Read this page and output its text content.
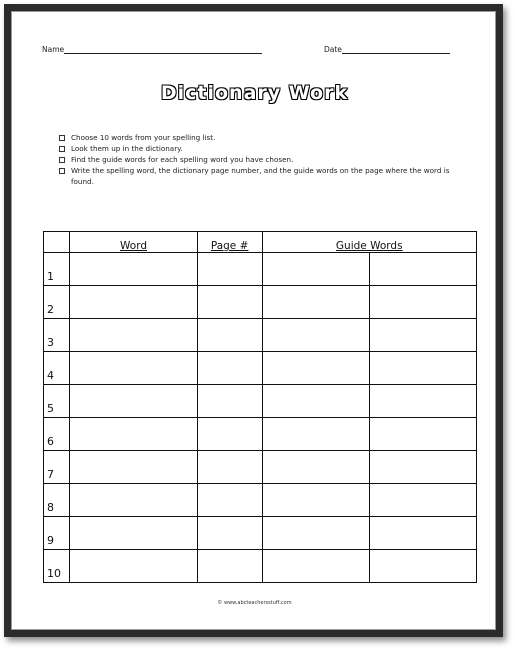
Name	Date
Dictionary Work
Choose 10 words from your spelling list.
Look them up in the dictionary.
Find the guide words for each spelling word you have chosen.
Write the spelling word, the dictionary page number, and the guide words on the page where the word is found.
	Word	Page #	Guide Words	
1				
2				
3				
4				
5				
6				
7				
8				
9				
10				
© www.abcteachersstuff.com
